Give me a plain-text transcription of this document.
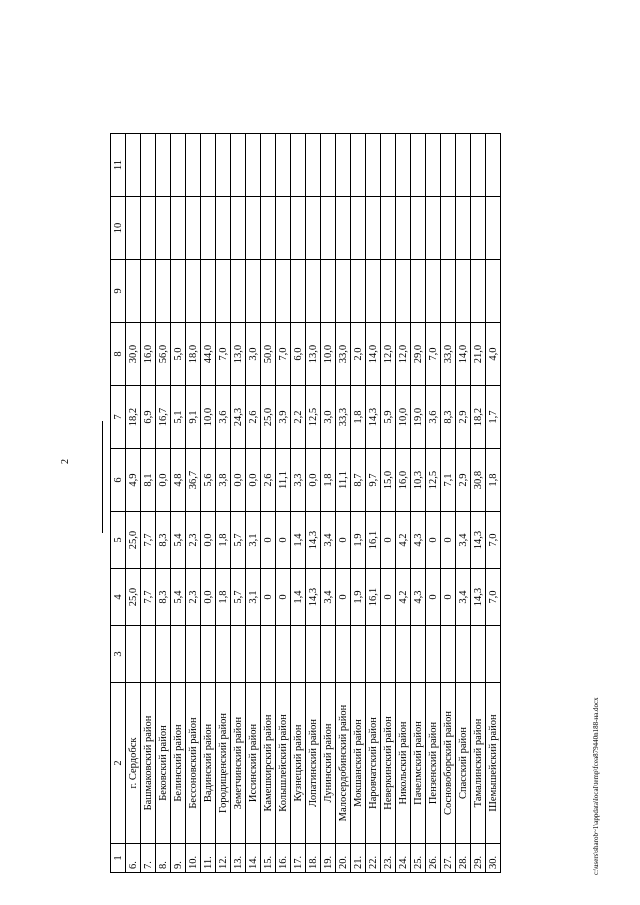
2
1	2	3	4	5	6	7	8	9	10	11
6.	г. Сердобск		25,0	25,0	4,9	18,2	30,0			
7.	Башмаковский район		7,7	7,7	8,1	6,9	16,0			
8.	Бековский район		8,3	8,3	0,0	16,7	56,0			
9.	Белинский район		5,4	5,4	4,8	5,1	5,0			
10.	Бессоновский район		2,3	2,3	36,7	9,1	18,0			
11.	Вадинский район		0,0	0,0	5,6	10,0	44,0			
12.	Городищенский район		1,8	1,8	3,8	3,6	7,0			
13.	Земетчинский район		5,7	5,7	0,0	24,3	13,0			
14.	Иссинский район		3,1	3,1	0,0	2,6	3,0			
15.	Камешкирский район		0	0	2,6	25,0	50,0			
16.	Колышлейский район		0	0	11,1	3,9	7,0			
17.	Кузнецкий район		1,4	1,4	3,3	2,2	6,0			
18.	Лопатинский район		14,3	14,3	0,0	12,5	13,0			
19.	Лунинский район		3,4	3,4	1,8	3,0	10,0			
20.	Малосердобинский район		0	0	11,1	33,3	33,0			
21.	Мокшанский район		1,9	1,9	8,7	1,8	2,0			
22.	Наровчатский район		16,1	16,1	9,7	14,3	14,0			
23.	Неверкинский район		0	0	15,0	5,9	12,0			
24.	Никольский район		4,2	4,2	16,0	10,0	12,0			
25.	Пачелмский район		4,3	4,3	10,3	19,0	29,0			
26.	Пензенский район		0	0	12,5	3,6	7,0			
27.	Сосновоборский район		0	0	7,1	8,3	33,0			
28.	Спасский район		3,4	3,4	2,9	2,9	14,0			
29.	Тамалинский район		14,3	14,3	30,8	18,2	21,0			
30.	Шемышейский район		7,0	7,0	1,8	1,7	4,0			
c:\users\sharob~1\appdata\local\temp\fcea879440n188-на.docx
